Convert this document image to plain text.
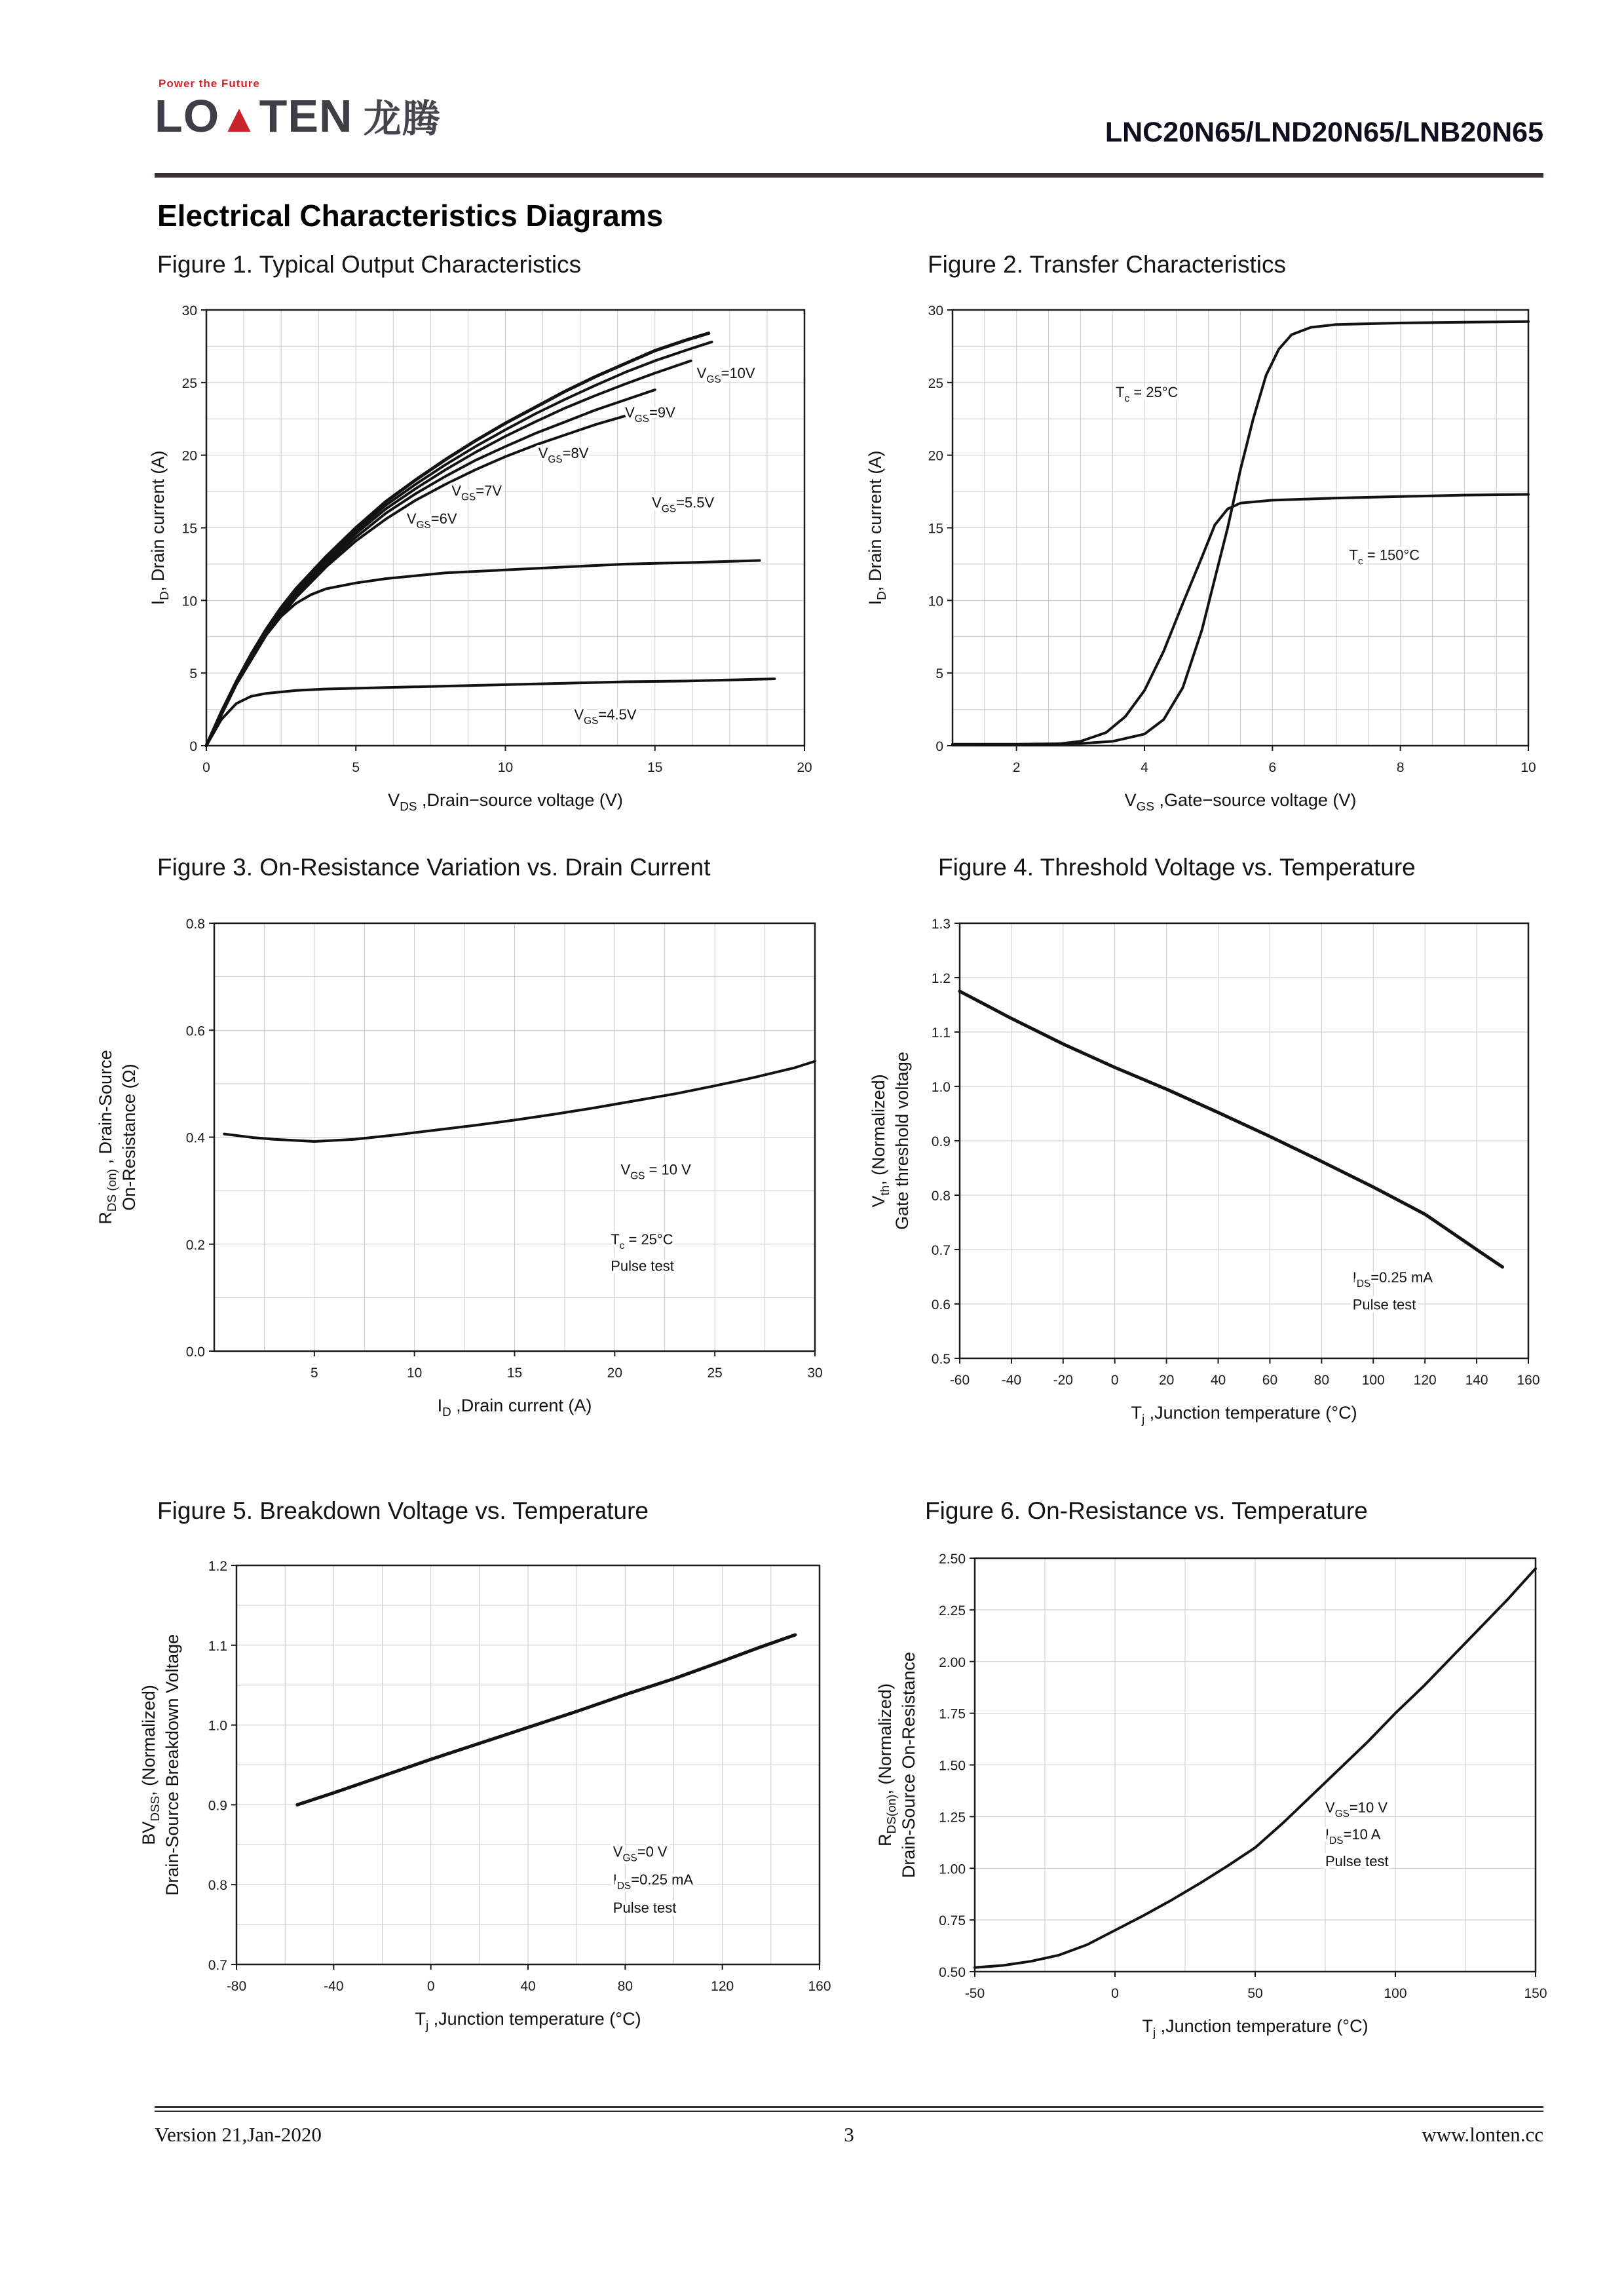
Power the Future
LO▲TEN 龙腾	LNC20N65/LND20N65/LNB20N65
Electrical Characteristics Diagrams
Figure 1. Typical Output Characteristics	Figure 2. Transfer Characteristics
Figure 3. On-Resistance Variation vs. Drain Current	Figure 4. Threshold Voltage vs. Temperature
Figure 5. Breakdown Voltage vs. Temperature	Figure 6. On-Resistance vs. Temperature
0	5	10	15	20
0
5
10
15
20
25
30
$V_{GS}=10V$
$V_{GS}=9V$
$V_{GS}=8V$
$V_{GS}=7V$
$V_{GS}=6V$
$V_{GS}=5.5V$
$V_{GS}=4.5V$
$V_{DS}$ ,Drain−source voltage (V)
$I_D$, Drain current (A)
2	4	6	8	10
0
5
10
15
20
25
30
$T_c = 25^\circ C$
$T_c = 150^\circ C$
$V_{GS}$ ,Gate−source voltage (V)
$I_D$, Drain current (A)
5	10	15	20	25	30
0.0
0.2
0.4
0.6
0.8
$V_{GS} = 10$ V
$T_c = 25^\circ C$
Pulse test
$I_D$ ,Drain current (A)
$R_{DS (on)}$ , Drain-Source On-Resistance (Ω)
-60 -40 -20	0	20	40	60	80 100 120 140 160
0.5
0.6
0.7
0.8
0.9
1.0
1.1
1.2
1.3
$I_{DS}=0.25$ mA
Pulse test
$T_j$ ,Junction temperature (°C)
$V_{th}$, (Normalized) Gate threshold voltage
-80	-40	0	40	80	120	160
0.7
0.8
0.9
1.0
1.1
1.2
$V_{GS}=0$ V
$I_{DS}=0.25$ mA
Pulse test
$T_j$ ,Junction temperature (°C)
$BV_{DSS}$, (Normalized) Drain-Source Breakdown Voltage
-50	0	50	100	150
0.50
0.75
1.00
1.25
1.50
1.75
2.00
2.25
2.50
$V_{GS}=10$ V
$I_{DS}=10$ A
Pulse test
$T_j$ ,Junction temperature (°C)
$R_{DS(on)}$, (Normalized) Drain-Source On-Resistance
Version 21,Jan-2020	3	www.lonten.cc
